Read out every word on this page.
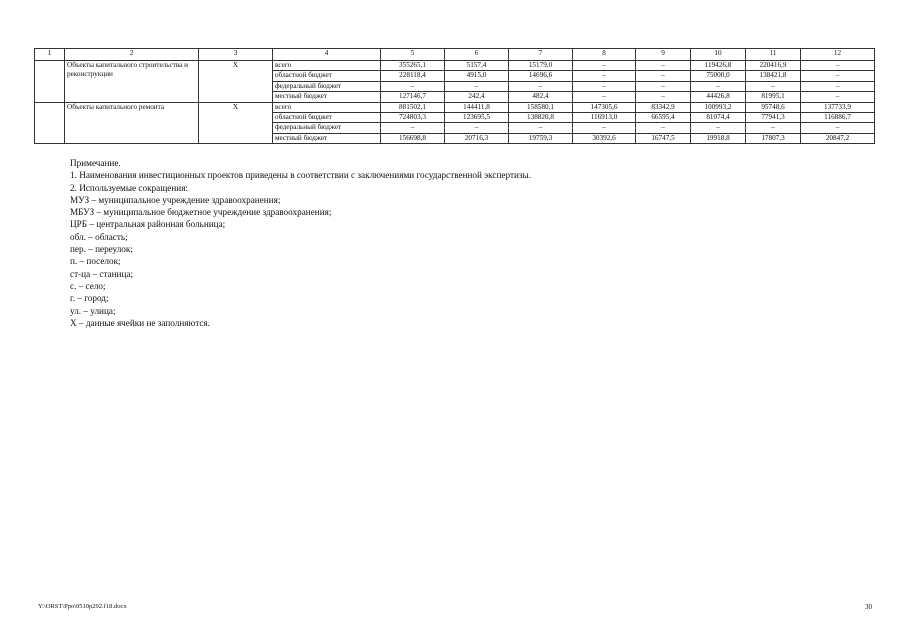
1	2	3	4	5	6	7	8	9	10	11	12
	Объекты капитального строительства и реконструкции	X	всего	355265,1	5157,4	15179,0	–	–	119426,8	220416,9	–
			областной бюджет	228118,4	4915,0	14696,6	–	–	75000,0	138421,8	–
			федеральный бюджет	–	–	–	–	–	–	–	–
			местный бюджет	127146,7	242,4	482,4	–	–	44426,8	81995,1	–
	Объекты капитального ремонта	X	всего	881502,1	144411,8	158580,1	147305,6	83342,9	100993,2	95748,6	137733,9
			областной бюджет	724803,3	123695,5	138820,8	116913,0	66595,4	81074,4	77941,3	116886,7
			федеральный бюджет	–	–	–	–	–	–	–	–
			местный бюджет	156698,8	20716,3	19759,3	30392,6	16747,5	19918,8	17807,3	20847,2
Примечание.
1. Наименования инвестиционных проектов приведены в соответствии с заключениями государственной экспертизы.
2. Используемые сокращения:
МУЗ – муниципальное учреждение здравоохранения;
МБУЗ – муниципальное бюджетное учреждение здравоохранения;
ЦРБ – центральная районная больница;
обл. – область;
пер. – переулок;
п. – поселок;
ст-ца – станица;
с. – село;
г. – город;
ул. – улица;
X – данные ячейки не заполняются.
Y:\ORST\Ppo\0510p292.f18.docx	30
